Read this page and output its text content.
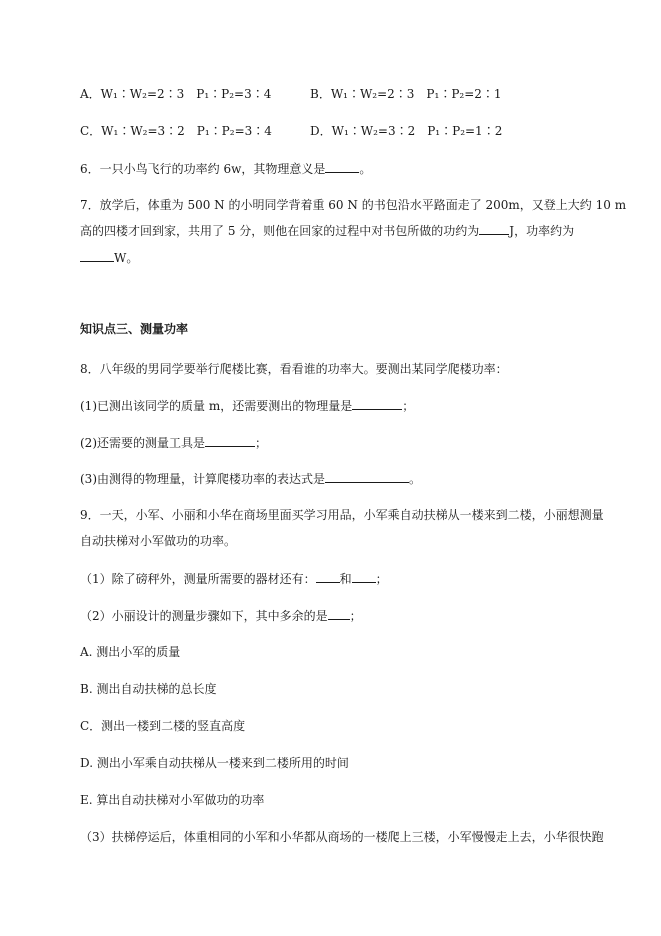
A．W₁∶W₂=2∶3　P₁∶P₂=3∶4	B．W₁∶W₂=2∶3　P₁∶P₂=2∶1
C．W₁∶W₂=3∶2　P₁∶P₂=3∶4	D．W₁∶W₂=3∶2　P₁∶P₂=1∶2
6．一只小鸟飞行的功率约 6w，其物理意义是	。
7．放学后，体重为 500 N 的小明同学背着重 60 N 的书包沿水平路面走了 200m，又登上大约 10 m
高的四楼才回到家，共用了 5 分，则他在回家的过程中对书包所做的功约为	J，功率约为
W。
知识点三、测量功率
8．八年级的男同学要举行爬楼比赛，看看谁的功率大。要测出某同学爬楼功率：
(1)已测出该同学的质量 m，还需要测出的物理量是	；
(2)还需要的测量工具是	；
(3)由测得的物理量，计算爬楼功率的表达式是	。
9．一天，小军、小丽和小华在商场里面买学习用品，小军乘自动扶梯从一楼来到二楼，小丽想测量
自动扶梯对小军做功的功率。
（1）除了磅秤外，测量所需要的器材还有： 和 ；
（2）小丽设计的测量步骤如下，其中多余的是 ；
A. 测出小军的质量
B. 测出自动扶梯的总长度
C．测出一楼到二楼的竖直高度
D. 测出小军乘自动扶梯从一楼来到二楼所用的时间
E. 算出自动扶梯对小军做功的功率
（3）扶梯停运后，体重相同的小军和小华都从商场的一楼爬上三楼，小军慢慢走上去，小华很快跑
